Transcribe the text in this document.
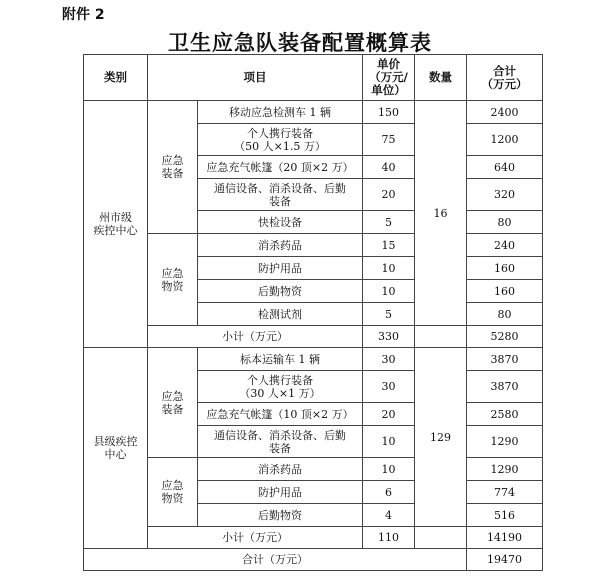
附件 2
卫生应急队装备配置概算表
类别	项目		单价
（万元/
单位）	数量	合计
（万元）

州市级
疾控中心	应急
装备	移动应急检测车 1 辆	150	16	2400

		个人携行装备
（50 人×1.5 万）	75		1200
		应急充气帐篷（20 顶×2 万）	40		640

		通信设备、消杀设备、后勤
装备	20		320
		快检设备	5		80

	应急
物资	消杀药品	15		240
		防护用品	10		160
		后勤物资	10		160
		检测试剂	5		80
	小计（万元）		330		5280

县级疾控
中心	应急
装备	标本运输车 1 辆	30	129	3870

		个人携行装备
（30 人×1 万）	30		3870
		应急充气帐篷（10 顶×2 万）	20		2580

		通信设备、消杀设备、后勤
装备	10		1290

	应急
物资	消杀药品	10		1290
		防护用品	6		774
		后勤物资	4		516
	小计（万元）		110		14190
合计（万元）					19470
